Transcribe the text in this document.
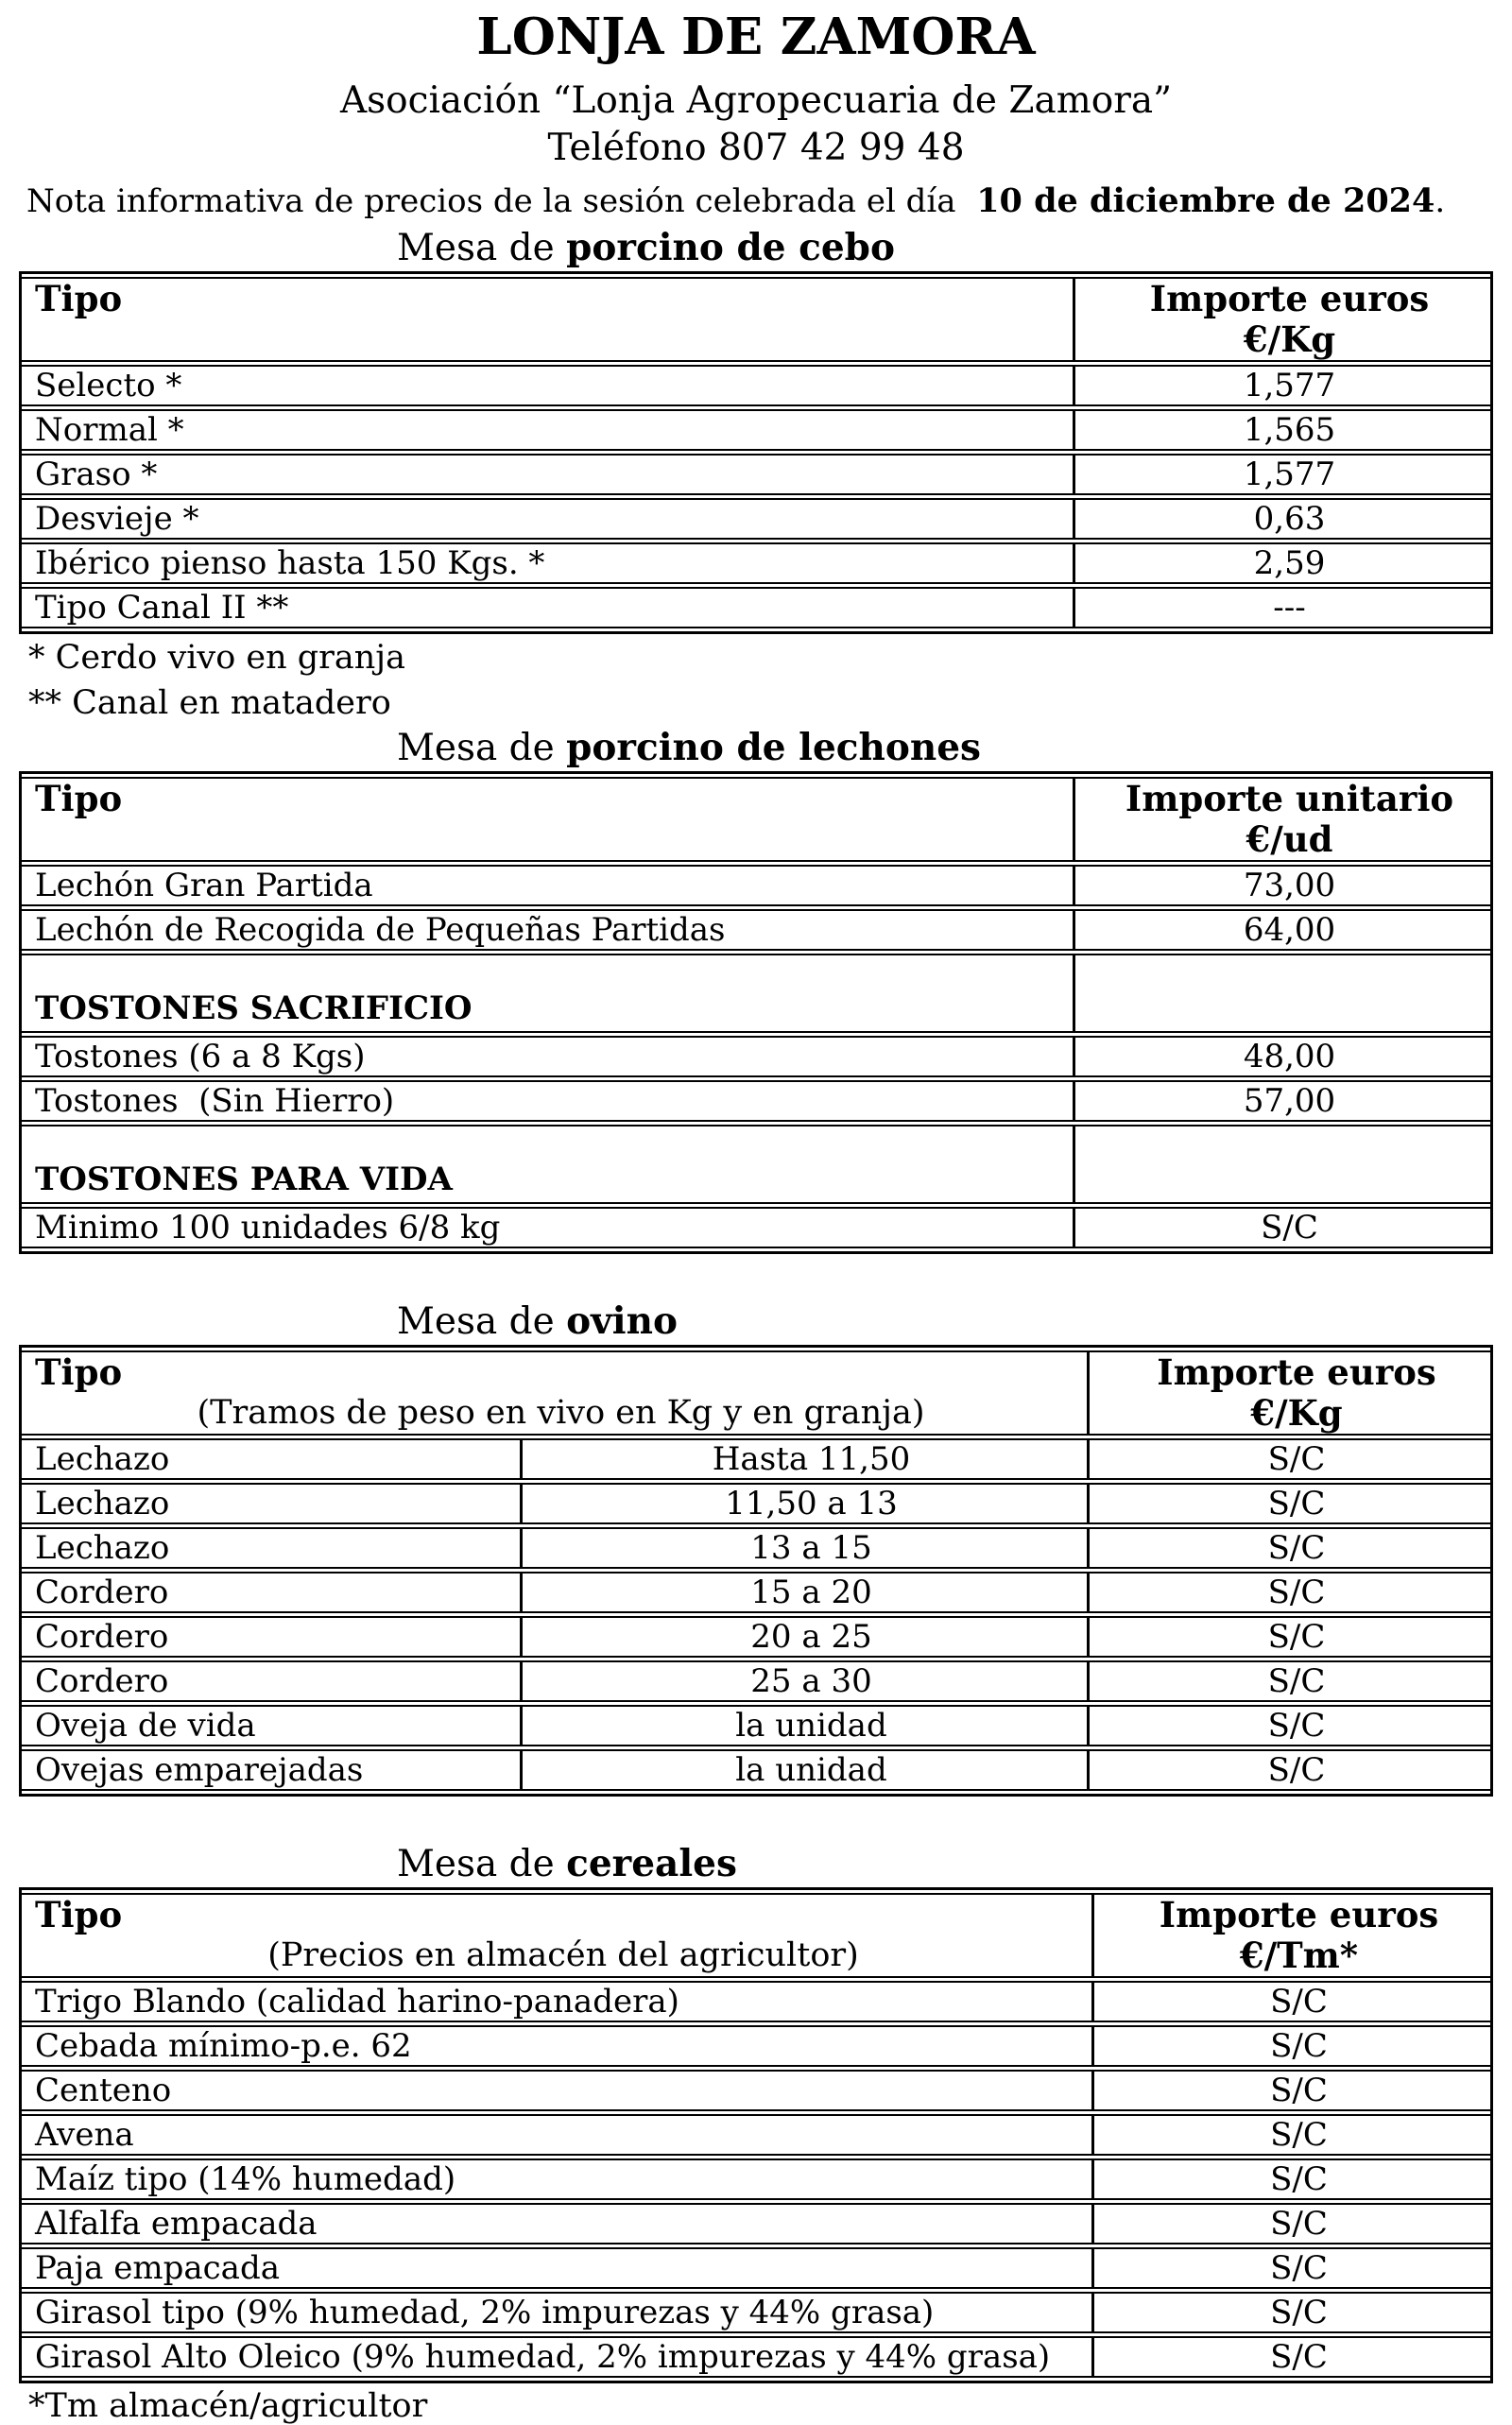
LONJA DE ZAMORA
Asociación “Lonja Agropecuaria de Zamora”
Teléfono 807 42 99 48
Nota informativa de precios de la sesión celebrada el día  10 de diciembre de 2024.
Mesa de porcino de cebo
Tipo	Importe euros
€/Kg

Selecto *	1,577
Normal *	1,565
Graso *	1,577
Desvieje *	0,63
Ibérico pienso hasta 150 Kgs. *	2,59
Tipo Canal II **	---
* Cerdo vivo en granja
** Canal en matadero
Mesa de porcino de lechones
Tipo	Importe unitario
€/ud

Lechón Gran Partida	73,00
Lechón de Recogida de Pequeñas Partidas	64,00
TOSTONES SACRIFICIO	
Tostones (6 a 8 Kgs)	48,00
Tostones  (Sin Hierro)	57,00
TOSTONES PARA VIDA	
Minimo 100 unidades 6/8 kg	S/C
Mesa de ovino
Tipo
(Tramos de peso en vivo en Kg y en granja)

Importe euros
€/Kg

Lechazo	Hasta 11,50	S/C
Lechazo	11,50 a 13	S/C
Lechazo	13 a 15	S/C
Cordero	15 a 20	S/C
Cordero	20 a 25	S/C
Cordero	25 a 30	S/C
Oveja de vida	la unidad	S/C
Ovejas emparejadas	la unidad	S/C
Mesa de cereales
Tipo
(Precios en almacén del agricultor)

Importe euros
€/Tm*

Trigo Blando (calidad harino-panadera)	S/C
Cebada mínimo-p.e. 62	S/C
Centeno	S/C
Avena	S/C
Maíz tipo (14% humedad)	S/C
Alfalfa empacada	S/C
Paja empacada	S/C
Girasol tipo (9% humedad, 2% impurezas y 44% grasa)	S/C
Girasol Alto Oleico (9% humedad, 2% impurezas y 44% grasa)	S/C
*Tm almacén/agricultor
